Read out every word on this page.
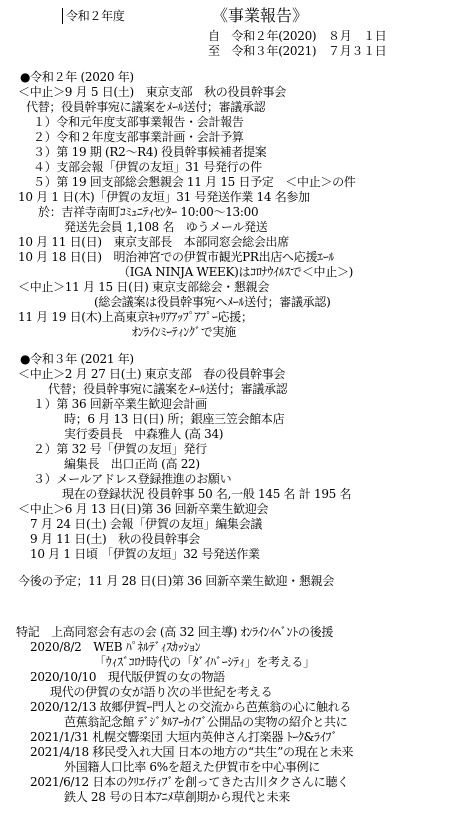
令和２年度	《事業報告》
自　令和２年(2020)　８月　１日
至　令和３年(2021)　７月３１日
●令和２年 (2020 年)
＜中止＞9 月 5 日(土)　東京支部　秋の役員幹事会
代替；役員幹事宛に議案をﾒｰﾙ送付；審議承認
１）令和元年度支部事業報告・会計報告
２）令和２年度支部事業計画・会計予算
３）第 19 期 (R2～R4) 役員幹事候補者提案
４）支部会報「伊賀の友垣」31 号発行の件
５）第 19 回支部総会懇親会 11 月 15 日予定　＜中止＞の件
10 月 1 日(木)「伊賀の友垣」31 号発送作業 14 名参加
於：吉祥寺南町ｺﾐｭﾆﾃｨｾﾝﾀｰ 10:00～13:00
発送先会員 1,108 名　ゆうメール発送
10 月 11 日(日)　東京支部長　本部同窓会総会出席
10 月 18 日(日)　明治神宮での伊賀市観光PR出店へ応援ｴｰﾙ
（IGA NINJA WEEK)はｺﾛﾅｳｲﾙｽで＜中止＞)
＜中止＞11 月 15 日(日) 東京支部総会・懇親会
(総会議案は役員幹事宛へﾒｰﾙ送付；審議承認)
11 月 19 日(木)上高東京ｷｬﾘｱｱｯﾌﾟｱﾌﾟｰ応援；
ｵﾝﾗｲﾝﾐｰﾃｨﾝｸﾞで実施
●令和３年 (2021 年)
＜中止＞2 月 27 日(土) 東京支部　春の役員幹事会
代替；役員幹事宛に議案をﾒｰﾙ送付；審議承認
１）第 36 回新卒業生歓迎会計画
時；6 月 13 日(日) 所；銀座三笠会館本店
実行委員長　中森雅人 (高 34)
２）第 32 号「伊賀の友垣」発行
編集長　出口正尚 (高 22)
３）メールアドレス登録推進のお願い
現在の登録状況 役員幹事 50 名,一般 145 名 計 195 名
＜中止＞6 月 13 日(日)第 36 回新卒業生歓迎会
7 月 24 日(土) 会報「伊賀の友垣」編集会議
9 月 11 日(土)　秋の役員幹事会
10 月 1 日頃 「伊賀の友垣」32 号発送作業
今後の予定；11 月 28 日(日)第 36 回新卒業生歓迎・懇親会
特記　上高同窓会有志の会 (高 32 回主導) ｵﾝﾗｲﾝｲﾍﾞﾝﾄの後援
2020/8/2　WEB ﾊﾟﾈﾙﾃﾞｨｽｶｯｼｮﾝ
「ｳｨｽﾞｺﾛﾅ時代の「ﾀﾞｲﾊﾞｰｼﾃｨ」を考える」
2020/10/10　現代版伊賀の女の物語
現代の伊賀の女が語り次の半世紀を考える
2020/12/13 故郷伊賀ｰ門人との交流から芭蕉翁の心に触れる
芭蕉翁記念館 ﾃﾞｼﾞﾀﾙｱｰｶｲﾌﾞ公開品の実物の紹介と共に
2021/1/31 札幌交響楽団 大垣内英伸さん打楽器 ﾄｰｸ&ﾗｲﾌﾞ
2021/4/18 移民受入れ大国 日本の地方の“共生”の現在と未来
外国籍人口比率 6%を超えた伊賀市を中心事例に
2021/6/12 日本のｸﾘｴｲﾃｨﾌﾞを創ってきた古川タクさんに聴く
鉄人 28 号の日本ｱﾆﾒ草創期から現代と未来
